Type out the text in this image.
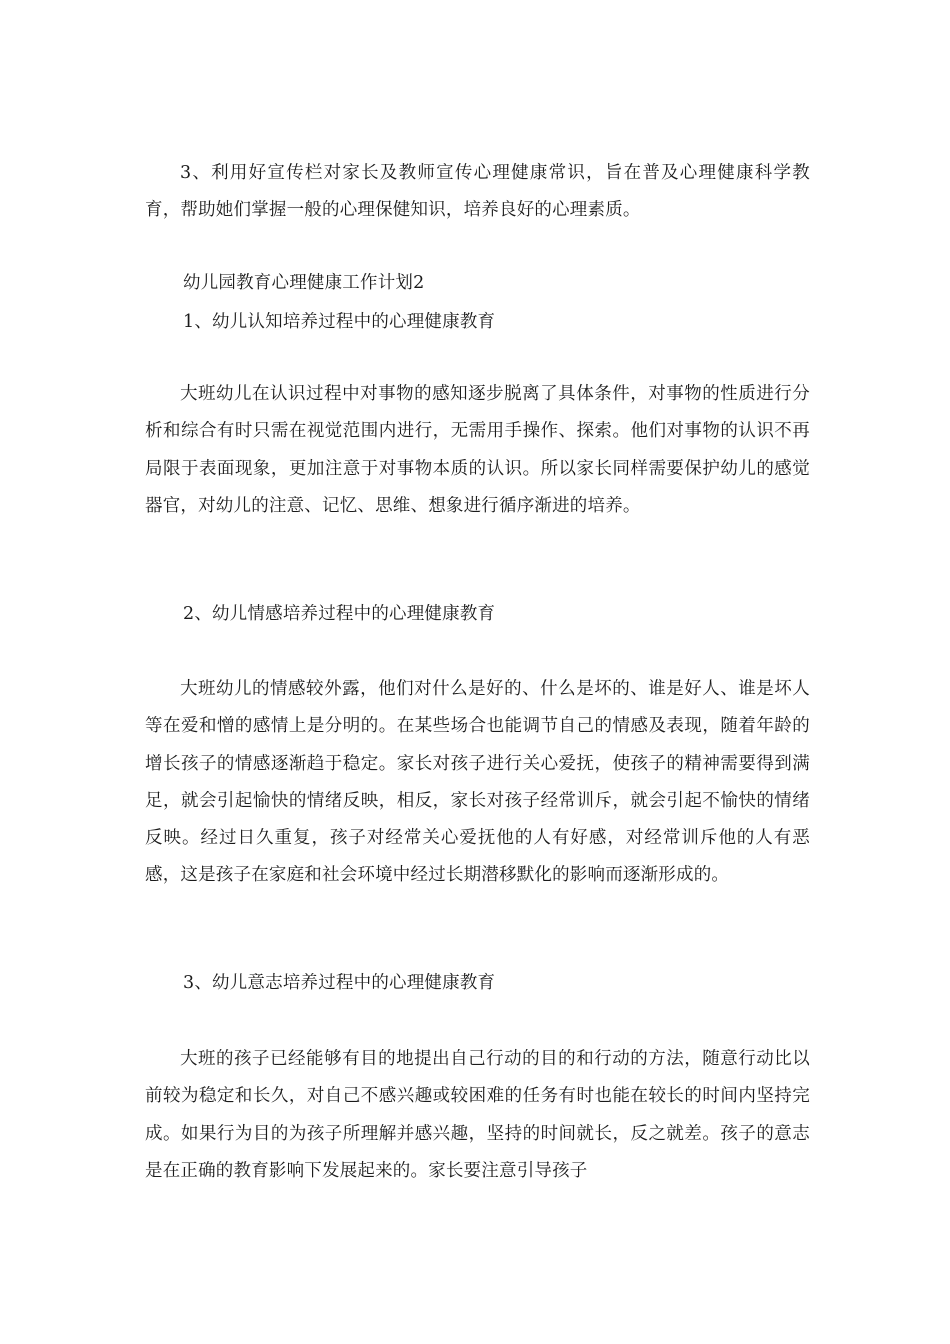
3、利用好宣传栏对家长及教师宣传心理健康常识，旨在普及心理健康科学教育，帮助她们掌握一般的心理保健知识，培养良好的心理素质。

幼儿园教育心理健康工作计划2

1、幼儿认知培养过程中的心理健康教育

大班幼儿在认识过程中对事物的感知逐步脱离了具体条件，对事物的性质进行分析和综合有时只需在视觉范围内进行，无需用手操作、探索。他们对事物的认识不再局限于表面现象，更加注意于对事物本质的认识。所以家长同样需要保护幼儿的感觉器官，对幼儿的注意、记忆、思维、想象进行循序渐进的培养。

2、幼儿情感培养过程中的心理健康教育

大班幼儿的情感较外露，他们对什么是好的、什么是坏的、谁是好人、谁是坏人等在爱和憎的感情上是分明的。在某些场合也能调节自己的情感及表现，随着年龄的增长孩子的情感逐渐趋于稳定。家长对孩子进行关心爱抚，使孩子的精神需要得到满足，就会引起愉快的情绪反映，相反，家长对孩子经常训斥，就会引起不愉快的情绪反映。经过日久重复，孩子对经常关心爱抚他的人有好感，对经常训斥他的人有恶感，这是孩子在家庭和社会环境中经过长期潜移默化的影响而逐渐形成的。

3、幼儿意志培养过程中的心理健康教育

大班的孩子已经能够有目的地提出自己行动的目的和行动的方法，随意行动比以前较为稳定和长久，对自己不感兴趣或较困难的任务有时也能在较长的时间内坚持完成。如果行为目的为孩子所理解并感兴趣，坚持的时间就长，反之就差。孩子的意志是在正确的教育影响下发展起来的。家长要注意引导孩子
